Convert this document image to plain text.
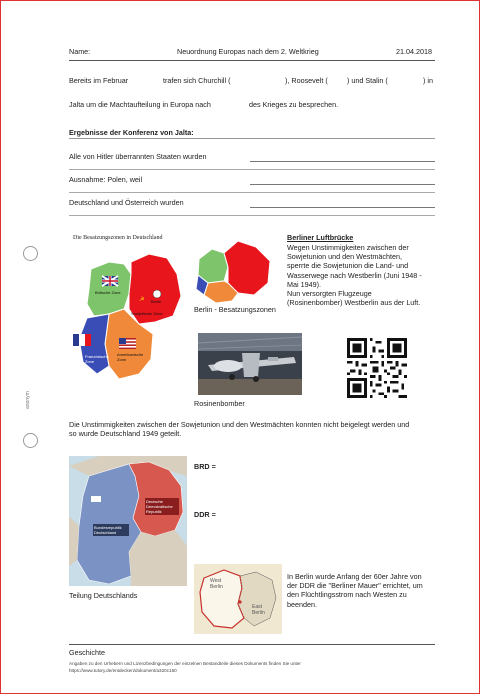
anonym
Name:	Neuordnung Europas nach dem 2. Weltkrieg	21.04.2018
Bereits im Februar	trafen sich Churchill (	), Roosevelt (	) und Stalin (	) in
Jalta um die Machtaufteilung in Europa nach	des Krieges zu besprechen.
Ergebnisse der Konferenz von Jalta:
Alle von Hitler überrannten Staaten wurden
Ausnahme: Polen, weil
Deutschland und Österreich wurden
Die Besatzungszonen in Deutschland
☭
Britische Zone
Berlin
Sowjetische Zone
Amerikanische Zone
Französische Zone
Berlin - Besatzungszonen
Berliner Luftbrücke
Wegen Unstimmigkeiten zwischen der
Sowjetunion und den Westmächten,
sperrte die Sowjetunion die Land- und
Wasserwege nach Westberlin (Juni 1948 -
Mai 1949).
Nun versorgten Flugzeuge
(Rosinenbomber) Westberlin aus der Luft.
Rosinenbomber
Die Unstimmigkeiten zwischen der Sowjetunion und den Westmächten konnten nicht beigelegt werden und
so wurde Deutschland 1949 geteilt.
Deutsche Demokratische Republik
Bundesrepublik Deutschland
Teilung Deutschlands
BRD =
DDR =
West Berlin
East Berlin
In Berlin wurde Anfang der 60er Jahre von
der DDR die "Berliner Mauer" errichtet, um
den Flüchtlingsstrom nach Westen zu
beenden.
Geschichte
Angaben zu den Urhebern und Lizenzbedingungen der einzelnen Bestandteile dieses Dokuments finden Sie unter
https://www.tutory.de/entdecken/dokument/a320c150
